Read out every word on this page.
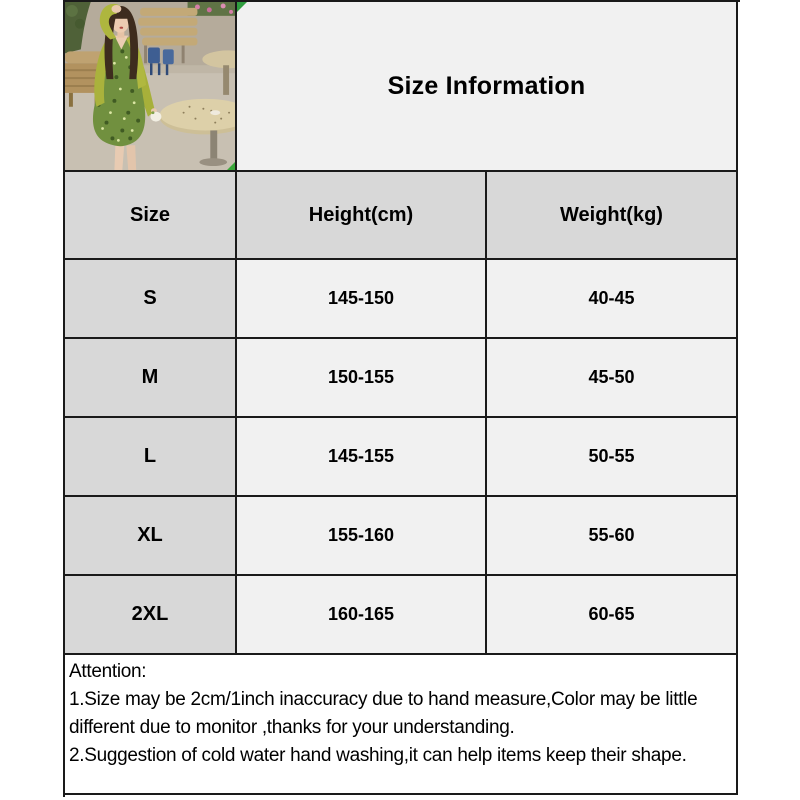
Size Information
Size	Height(cm)	Weight(kg)
S	145-150	40-45
M	150-155	45-50
L	145-155	50-55
XL	155-160	55-60
2XL	160-165	60-65
Attention:
1.Size may be 2cm/1inch inaccuracy due to hand measure,Color may be little
different due to monitor ,thanks for your understanding.
2.Suggestion of cold water hand washing,it can help items keep their shape.
